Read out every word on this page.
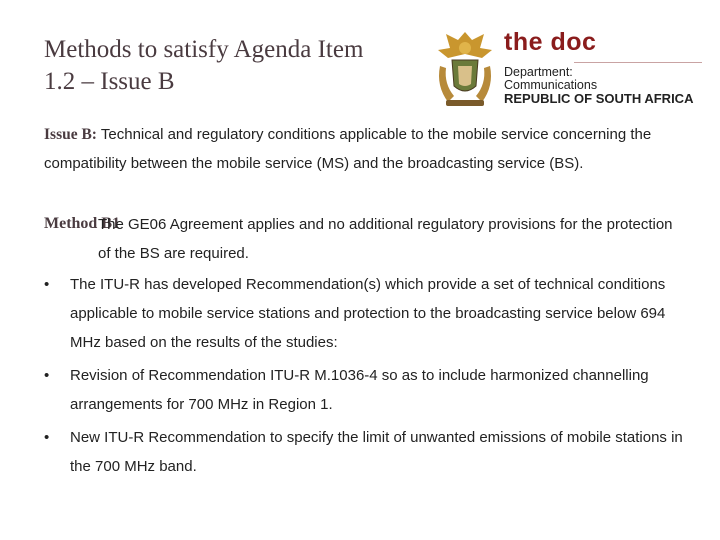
Methods to satisfy Agenda Item
1.2 – Issue B
the doc
Department:
Communications
REPUBLIC OF SOUTH AFRICA
Issue B: Technical and regulatory conditions applicable to the mobile service concerning the compatibility between the mobile service (MS) and the broadcasting service (BS).
Method B1
The GE06 Agreement applies and no additional regulatory provisions for the protection of the BS are required.
•	The ITU-R has developed Recommendation(s) which provide a set of technical conditions applicable to mobile service stations and protection to the broadcasting service below 694 MHz based on the results of the studies:
•	Revision of Recommendation ITU-R M.1036-4 so as to include harmonized channelling arrangements for 700 MHz in Region 1.
•	New ITU-R Recommendation to specify the limit of unwanted emissions of mobile stations in the 700 MHz band.
